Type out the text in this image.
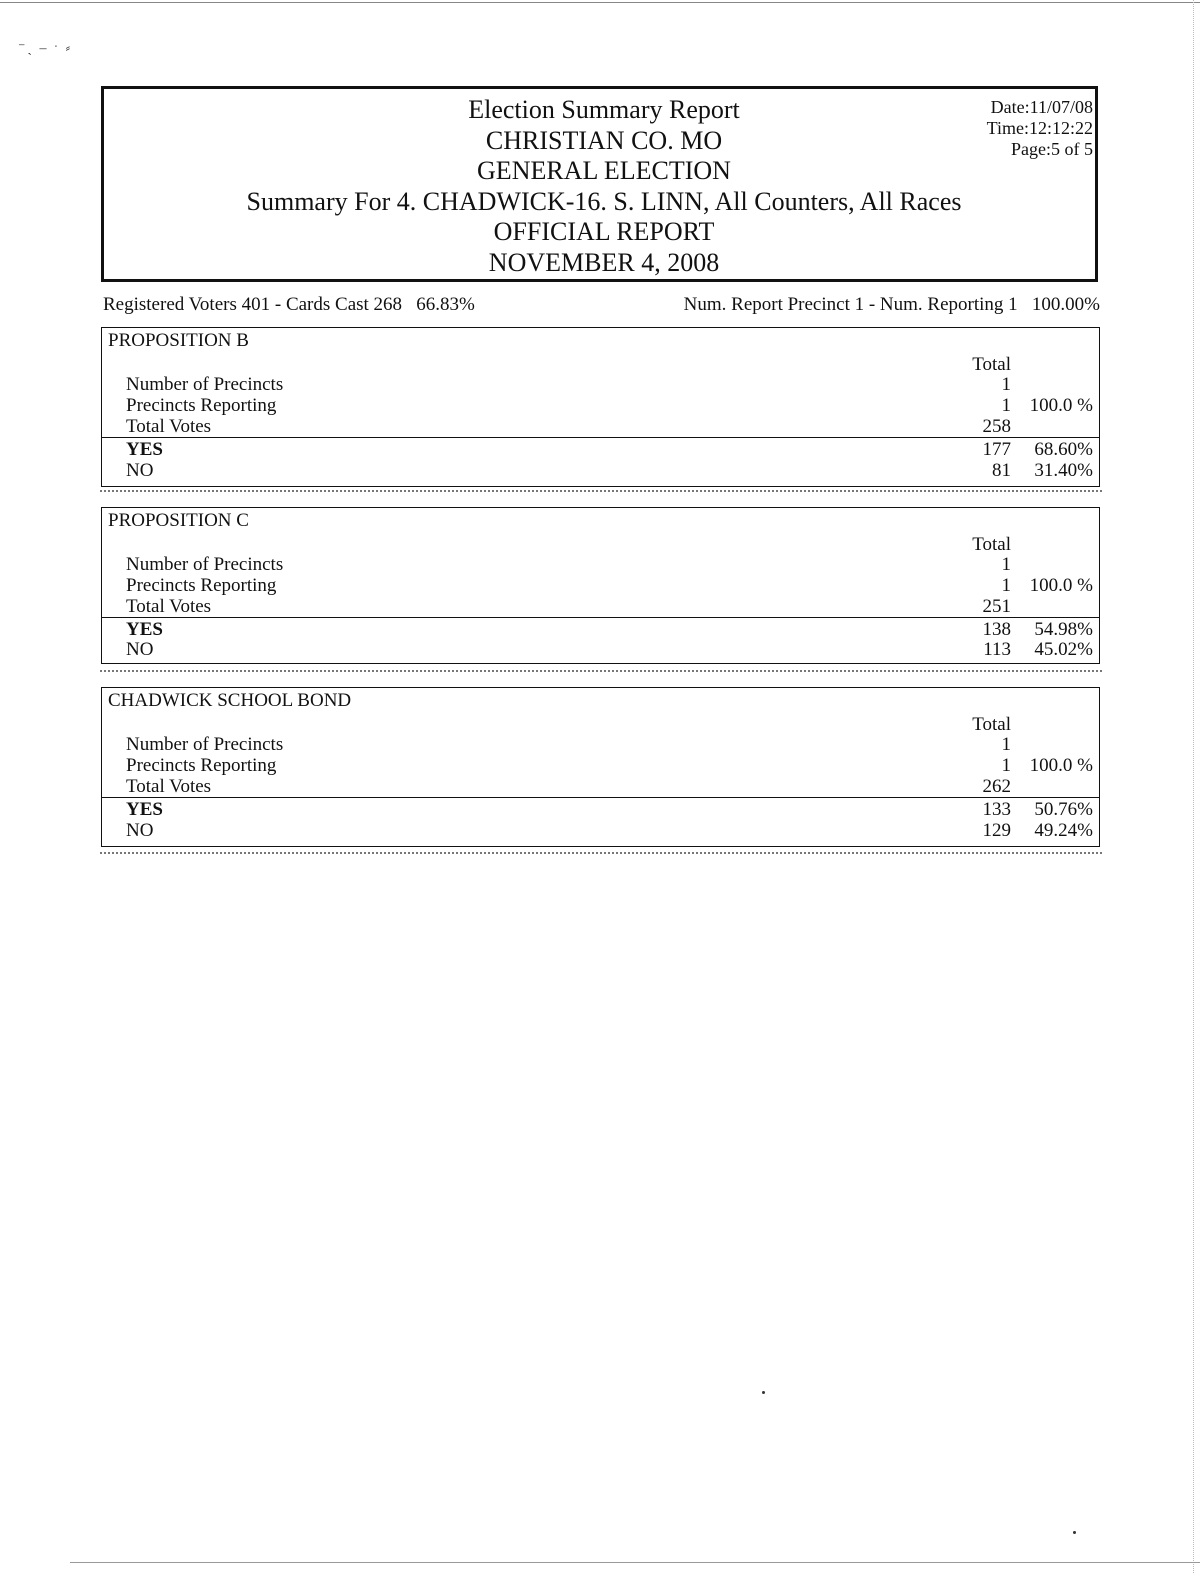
⁻ˏ ‒ ˑ ⸗
Election Summary Report
CHRISTIAN CO. MO
GENERAL ELECTION
Summary For 4. CHADWICK-16. S. LINN, All Counters, All Races
OFFICIAL REPORT
NOVEMBER 4, 2008
Date:11/07/08
Time:12:12:22
Page:5 of 5
Registered Voters 401 - Cards Cast 268   66.83%	Num. Report Precinct 1 - Num. Reporting 1   100.00%
PROPOSITION B
Total
Number of Precincts	1
Precincts Reporting	1 100.0 %
Total Votes	258
YES	177 68.60%
NO	81 31.40%
PROPOSITION C
Total
Number of Precincts	1
Precincts Reporting	1 100.0 %
Total Votes	251
YES	138 54.98%
NO	113 45.02%
CHADWICK SCHOOL BOND
Total
Number of Precincts	1
Precincts Reporting	1 100.0 %
Total Votes	262
YES	133 50.76%
NO	129 49.24%
